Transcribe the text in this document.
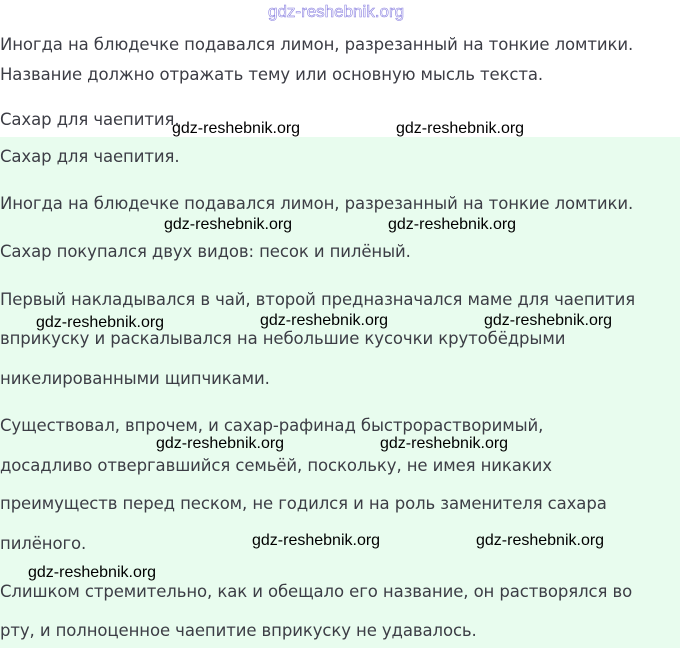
gdz-reshebnik.org
Иногда на блюдечке подавался лимон, разрезанный на тонкие ломтики.
Название должно отражать тему или основную мысль текста.
Сахар для чаепития.
gdz-reshebnik.org	gdz-reshebnik.org
Сахар для чаепития.
Иногда на блюдечке подавался лимон, разрезанный на тонкие ломтики.
gdz-reshebnik.org	gdz-reshebnik.org
Сахар покупался двух видов: песок и пилёный.
Первый накладывался в чай, второй предназначался маме для чаепития
gdz-reshebnik.org	gdz-reshebnik.org	gdz-reshebnik.org
вприкуску и раскалывался на небольшие кусочки крутобёдрыми
никелированными щипчиками.
Существовал, впрочем, и сахар-рафинад быстрорастворимый,
gdz-reshebnik.org	gdz-reshebnik.org
досадливо отвергавшийся семьёй, поскольку, не имея никаких
преимуществ перед песком, не годился и на роль заменителя сахара
пилёного.	gdz-reshebnik.org	gdz-reshebnik.org
gdz-reshebnik.org
Слишком стремительно, как и обещало его название, он растворялся во
рту, и полноценное чаепитие вприкуску не удавалось.
